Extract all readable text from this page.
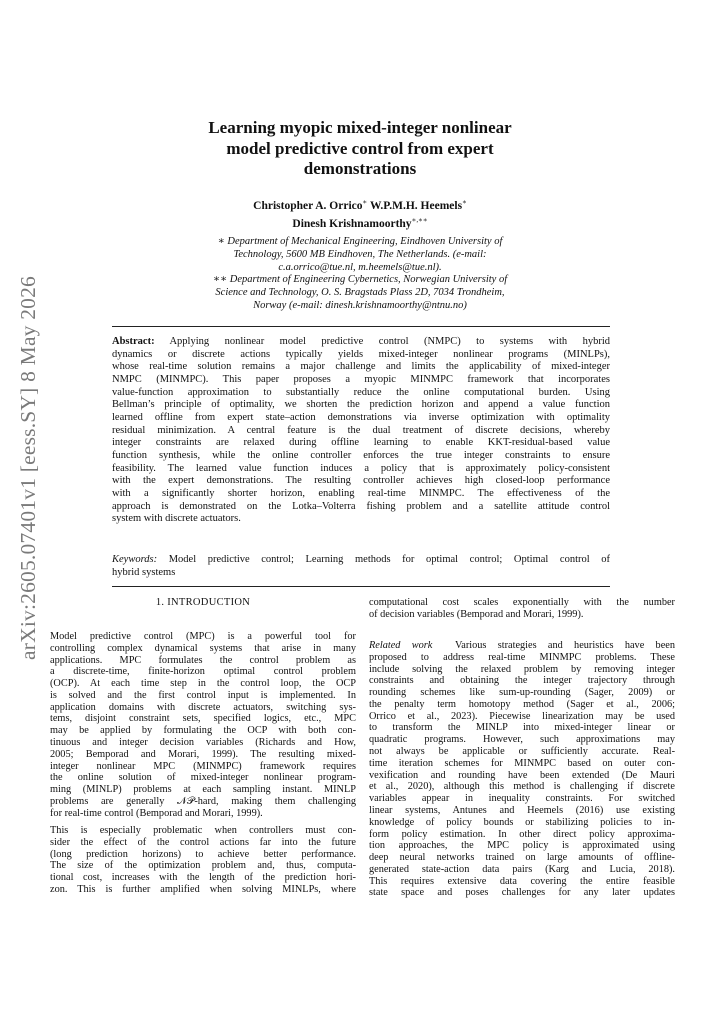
arXiv:2605.07401v1 [eess.SY] 8 May 2026
Learning myopic mixed-integer nonlinear
model predictive control from expert
demonstrations
Christopher A. Orrico∗ W.P.M.H. Heemels∗
Dinesh Krishnamoorthy∗,∗∗
∗ Department of Mechanical Engineering, Eindhoven University of
Technology, 5600 MB Eindhoven, The Netherlands. (e-mail:
c.a.orrico@tue.nl, m.heemels@tue.nl).
∗∗ Department of Engineering Cybernetics, Norwegian University of
Science and Technology, O. S. Bragstads Plass 2D, 7034 Trondheim,
Norway (e-mail: dinesh.krishnamoorthy@ntnu.no)
Abstract: Applying nonlinear model predictive control (NMPC) to systems with hybrid
dynamics or discrete actions typically yields mixed-integer nonlinear programs (MINLPs),
whose real-time solution remains a major challenge and limits the applicability of mixed-integer
NMPC (MINMPC). This paper proposes a myopic MINMPC framework that incorporates
value-function approximation to substantially reduce the online computational burden. Using
Bellman’s principle of optimality, we shorten the prediction horizon and append a value function
learned offline from expert state–action demonstrations via inverse optimization with optimality
residual minimization. A central feature is the dual treatment of discrete decisions, whereby
integer constraints are relaxed during offline learning to enable KKT-residual-based value
function synthesis, while the online controller enforces the true integer constraints to ensure
feasibility. The learned value function induces a policy that is approximately policy-consistent
with the expert demonstrations. The resulting controller achieves high closed-loop performance
with a significantly shorter horizon, enabling real-time MINMPC. The effectiveness of the
approach is demonstrated on the Lotka–Volterra fishing problem and a satellite attitude control
system with discrete actuators.
Keywords: Model predictive control; Learning methods for optimal control; Optimal control of
hybrid systems
1. INTRODUCTION
Model predictive control (MPC) is a powerful tool for
controlling complex dynamical systems that arise in many
applications. MPC formulates the control problem as
a discrete-time, finite-horizon optimal control problem
(OCP). At each time step in the control loop, the OCP
is solved and the first control input is implemented. In
application domains with discrete actuators, switching sys-
tems, disjoint constraint sets, specified logics, etc., MPC
may be applied by formulating the OCP with both con-
tinuous and integer decision variables (Richards and How,
2005; Bemporad and Morari, 1999). The resulting mixed-
integer nonlinear MPC (MINMPC) framework requires
the online solution of mixed-integer nonlinear program-
ming (MINLP) problems at each sampling instant. MINLP
problems are generally 𝒩𝒫-hard, making them challenging
for real-time control (Bemporad and Morari, 1999).
This is especially problematic when controllers must con-
sider the effect of the control actions far into the future
(long prediction horizons) to achieve better performance.
The size of the optimization problem and, thus, computa-
tional cost, increases with the length of the prediction hori-
zon. This is further amplified when solving MINLPs, where
computational cost scales exponentially with the number
of decision variables (Bemporad and Morari, 1999).
Related work Various strategies and heuristics have been
proposed to address real-time MINMPC problems. These
include solving the relaxed problem by removing integer
constraints and obtaining the integer trajectory through
rounding schemes like sum-up-rounding (Sager, 2009) or
the penalty term homotopy method (Sager et al., 2006;
Orrico et al., 2023). Piecewise linearization may be used
to transform the MINLP into mixed-integer linear or
quadratic programs. However, such approximations may
not always be applicable or sufficiently accurate. Real-
time iteration schemes for MINMPC based on outer con-
vexification and rounding have been extended (De Mauri
et al., 2020), although this method is challenging if discrete
variables appear in inequality constraints. For switched
linear systems, Antunes and Heemels (2016) use existing
knowledge of policy bounds or stabilizing policies to in-
form policy estimation. In other direct policy approxima-
tion approaches, the MPC policy is approximated using
deep neural networks trained on large amounts of offline-
generated state-action data pairs (Karg and Lucia, 2018).
This requires extensive data covering the entire feasible
state space and poses challenges for any later updates
